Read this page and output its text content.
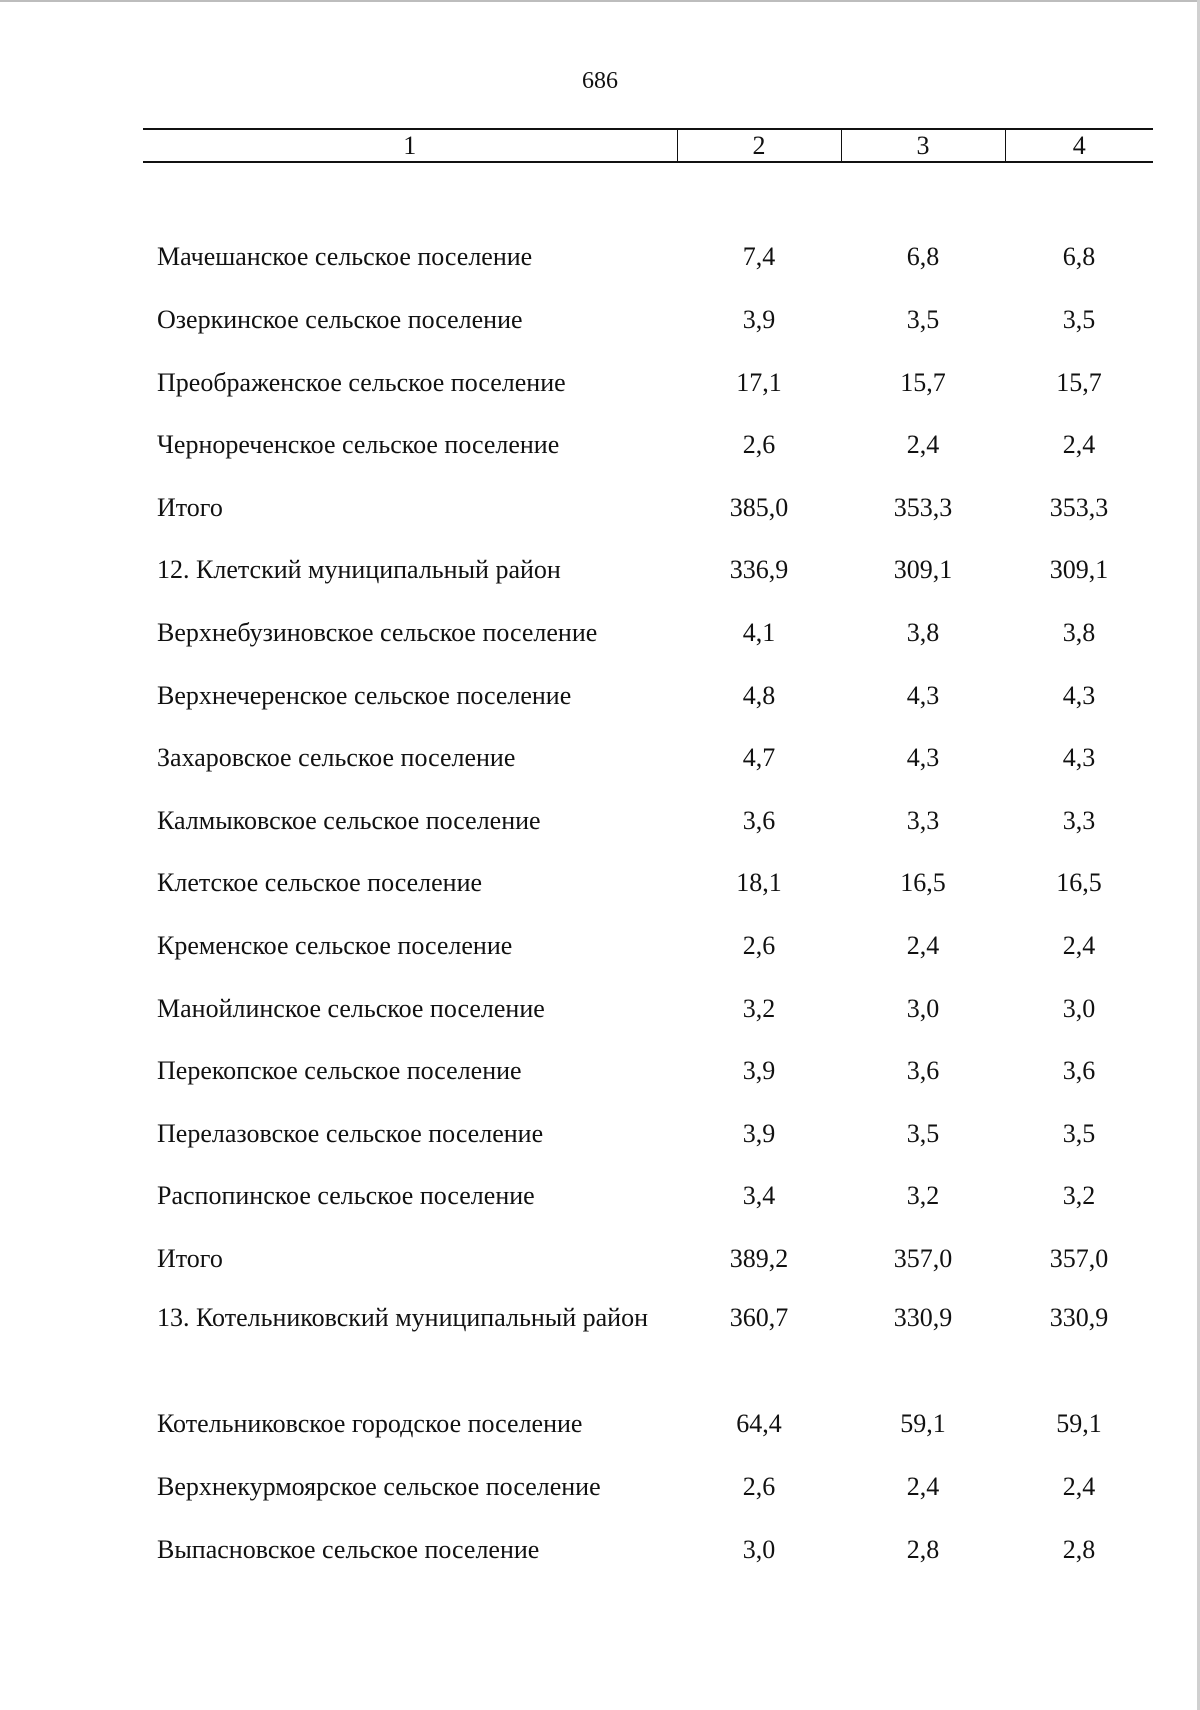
686
1	2	3	4

Мачешанское сельское поселение	7,4	6,8	6,8
Озеркинское сельское поселение	3,9	3,5	3,5
Преображенское сельское поселение	17,1	15,7	15,7
Чернореченское сельское поселение	2,6	2,4	2,4
Итого	385,0	353,3	353,3
12. Клетский муниципальный район	336,9	309,1	309,1
Верхнебузиновское сельское поселение	4,1	3,8	3,8
Верхнечеренское сельское поселение	4,8	4,3	4,3
Захаровское сельское поселение	4,7	4,3	4,3
Калмыковское сельское поселение	3,6	3,3	3,3
Клетское сельское поселение	18,1	16,5	16,5
Кременское сельское поселение	2,6	2,4	2,4
Манойлинское сельское поселение	3,2	3,0	3,0
Перекопское сельское поселение	3,9	3,6	3,6
Перелазовское сельское поселение	3,9	3,5	3,5
Распопинское сельское поселение	3,4	3,2	3,2
Итого	389,2	357,0	357,0
13. Котельниковский муниципальный район	360,7	330,9	330,9
Котельниковское городское поселение	64,4	59,1	59,1
Верхнекурмоярское сельское поселение	2,6	2,4	2,4
Выпасновское сельское поселение	3,0	2,8	2,8
